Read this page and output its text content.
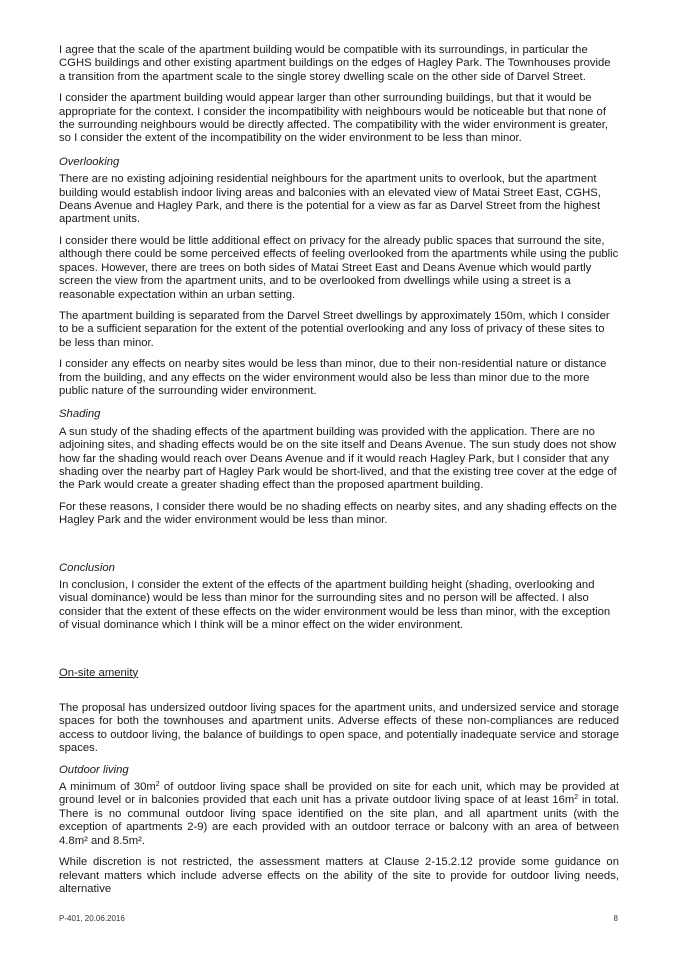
I agree that the scale of the apartment building would be compatible with its surroundings, in particular the CGHS buildings and other existing apartment buildings on the edges of Hagley Park. The Townhouses provide a transition from the apartment scale to the single storey dwelling scale on the other side of Darvel Street.

I consider the apartment building would appear larger than other surrounding buildings, but that it would be appropriate for the context. I consider the incompatibility with neighbours would be noticeable but that none of the surrounding neighbours would be directly affected. The compatibility with the wider environment is greater, so I consider the extent of the incompatibility on the wider environment to be less than minor.

Overlooking

There are no existing adjoining residential neighbours for the apartment units to overlook, but the apartment building would establish indoor living areas and balconies with an elevated view of Matai Street East, CGHS, Deans Avenue and Hagley Park, and there is the potential for a view as far as Darvel Street from the highest apartment units.

I consider there would be little additional effect on privacy for the already public spaces that surround the site, although there could be some perceived effects of feeling overlooked from the apartments while using the public spaces. However, there are trees on both sides of Matai Street East and Deans Avenue which would partly screen the view from the apartment units, and to be overlooked from dwellings while using a street is a reasonable expectation within an urban setting.

The apartment building is separated from the Darvel Street dwellings by approximately 150m, which I consider to be a sufficient separation for the extent of the potential overlooking and any loss of privacy of these sites to be less than minor.

I consider any effects on nearby sites would be less than minor, due to their non-residential nature or distance from the building, and any effects on the wider environment would also be less than minor due to the more public nature of the surrounding wider environment.

Shading

A sun study of the shading effects of the apartment building was provided with the application. There are no adjoining sites, and shading effects would be on the site itself and Deans Avenue. The sun study does not show how far the shading would reach over Deans Avenue and if it would reach Hagley Park, but I consider that any shading over the nearby part of Hagley Park would be short-lived, and that the existing tree cover at the edge of the Park would create a greater shading effect than the proposed apartment building.

For these reasons, I consider there would be no shading effects on nearby sites, and any shading effects on the Hagley Park and the wider environment would be less than minor.

Conclusion

In conclusion, I consider the extent of the effects of the apartment building height (shading, overlooking and visual dominance) would be less than minor for the surrounding sites and no person will be affected. I also consider that the extent of these effects on the wider environment would be less than minor, with the exception of visual dominance which I think will be a minor effect on the wider environment.

On-site amenity

The proposal has undersized outdoor living spaces for the apartment units, and undersized service and storage spaces for both the townhouses and apartment units. Adverse effects of these non-compliances are reduced access to outdoor living, the balance of buildings to open space, and potentially inadequate service and storage spaces.

Outdoor living

A minimum of $30m^2$ of outdoor living space shall be provided on site for each unit, which may be provided at ground level or in balconies provided that each unit has a private outdoor living space of at least $16m^2$ in total. There is no communal outdoor living space identified on the site plan, and all apartment units (with the exception of apartments 2-9) are each provided with an outdoor terrace or balcony with an area of between 4.8m² and 8.5m².

While discretion is not restricted, the assessment matters at Clause 2-15.2.12 provide some guidance on relevant matters which include adverse effects on the ability of the site to provide for outdoor living needs, alternative

P-401, 20.06.2016	8
